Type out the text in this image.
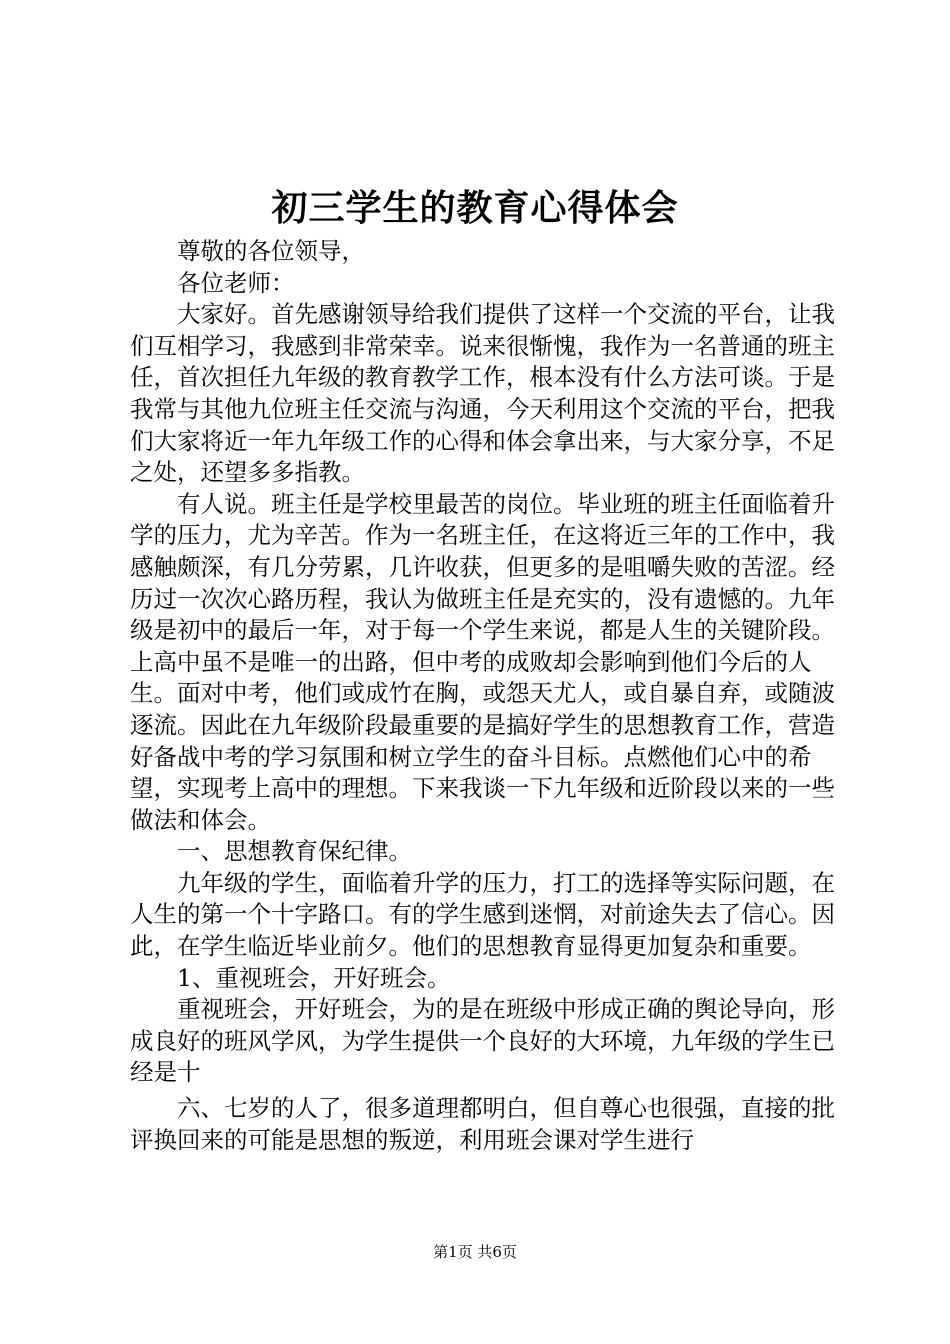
初三学生的教育心得体会

尊敬的各位领导，

各位老师：

大家好。首先感谢领导给我们提供了这样一个交流的平台，让我们互相学习，我感到非常荣幸。说来很惭愧，我作为一名普通的班主任，首次担任九年级的教育教学工作，根本没有什么方法可谈。于是我常与其他九位班主任交流与沟通，今天利用这个交流的平台，把我们大家将近一年九年级工作的心得和体会拿出来，与大家分享，不足之处，还望多多指教。

有人说。班主任是学校里最苦的岗位。毕业班的班主任面临着升学的压力，尤为辛苦。作为一名班主任，在这将近三年的工作中，我感触颇深，有几分劳累，几许收获，但更多的是咀嚼失败的苦涩。经历过一次次心路历程，我认为做班主任是充实的，没有遗憾的。九年级是初中的最后一年，对于每一个学生来说，都是人生的关键阶段。上高中虽不是唯一的出路，但中考的成败却会影响到他们今后的人生。面对中考，他们或成竹在胸，或怨天尤人，或自暴自弃，或随波逐流。因此在九年级阶段最重要的是搞好学生的思想教育工作，营造好备战中考的学习氛围和树立学生的奋斗目标。点燃他们心中的希望，实现考上高中的理想。下来我谈一下九年级和近阶段以来的一些做法和体会。

一、思想教育保纪律。

九年级的学生，面临着升学的压力，打工的选择等实际问题，在人生的第一个十字路口。有的学生感到迷惘，对前途失去了信心。因此，在学生临近毕业前夕。他们的思想教育显得更加复杂和重要。

1、重视班会，开好班会。

重视班会，开好班会，为的是在班级中形成正确的舆论导向，形成良好的班风学风，为学生提供一个良好的大环境，九年级的学生已经是十

六、七岁的人了，很多道理都明白，但自尊心也很强，直接的批评换回来的可能是思想的叛逆，利用班会课对学生进行

第1页 共6页
